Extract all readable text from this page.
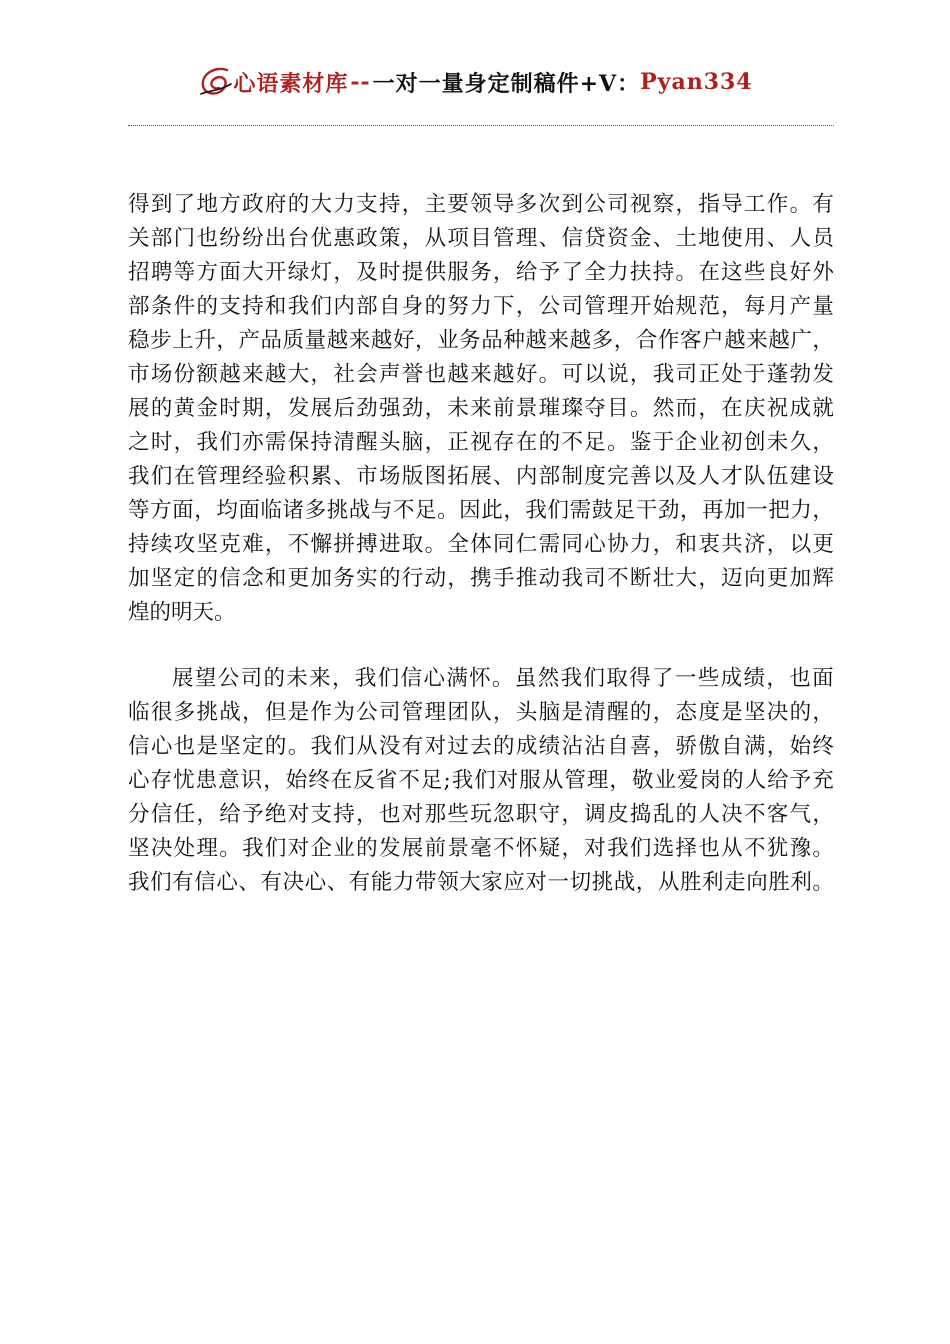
心语素材库 -- 一对一量身定制稿件+V： Pyan334
得 到 了 地 方 政 府 的 大 力 支 持 ， 主 要 领 导 多 次 到 公 司 视 察 ， 指 导 工 作 。 有
关 部 门 也 纷 纷 出 台 优 惠 政 策 ， 从 项 目 管 理 、 信 贷 资 金 、 土 地 使 用 、 人 员
招 聘 等 方 面 大 开 绿 灯 ， 及 时 提 供 服 务 ， 给 予 了 全 力 扶 持 。 在 这 些 良 好 外
部 条 件 的 支 持 和 我 们 内 部 自 身 的 努 力 下 ， 公 司 管 理 开 始 规 范 ， 每 月 产 量
稳 步 上 升 ， 产 品 质 量 越 来 越 好 ， 业 务 品 种 越 来 越 多 ， 合 作 客 户 越 来 越 广 ，
市 场 份 额 越 来 越 大 ， 社 会 声 誉 也 越 来 越 好 。 可 以 说 ， 我 司 正 处 于 蓬 勃 发
展 的 黄 金 时 期 ， 发 展 后 劲 强 劲 ， 未 来 前 景 璀 璨 夺 目 。 然 而 ， 在 庆 祝 成 就
之 时 ， 我 们 亦 需 保 持 清 醒 头 脑 ， 正 视 存 在 的 不 足 。 鉴 于 企 业 初 创 未 久 ，
我 们 在 管 理 经 验 积 累 、 市 场 版 图 拓 展 、 内 部 制 度 完 善 以 及 人 才 队 伍 建 设
等 方 面 ， 均 面 临 诸 多 挑 战 与 不 足 。 因 此 ， 我 们 需 鼓 足 干 劲 ， 再 加 一 把 力 ，
持 续 攻 坚 克 难 ， 不 懈 拼 搏 进 取 。 全 体 同 仁 需 同 心 协 力 ， 和 衷 共 济 ， 以 更
加 坚 定 的 信 念 和 更 加 务 实 的 行 动 ， 携 手 推 动 我 司 不 断 壮 大 ， 迈 向 更 加 辉
煌的明天。
展 望 公 司 的 未 来 ， 我 们 信 心 满 怀 。 虽 然 我 们 取 得 了 一 些 成 绩 ， 也 面
临 很 多 挑 战 ， 但 是 作 为 公 司 管 理 团 队 ， 头 脑 是 清 醒 的 ， 态 度 是 坚 决 的 ，
信 心 也 是 坚 定 的 。 我 们 从 没 有 对 过 去 的 成 绩 沾 沾 自 喜 ， 骄 傲 自 满 ， 始 终
心 存 忧 患 意 识 ， 始 终 在 反 省 不 足 ; 我 们 对 服 从 管 理 ， 敬 业 爱 岗 的 人 给 予 充
分 信 任 ， 给 予 绝 对 支 持 ， 也 对 那 些 玩 忽 职 守 ， 调 皮 捣 乱 的 人 决 不 客 气 ，
坚 决 处 理 。 我 们 对 企 业 的 发 展 前 景 毫 不 怀 疑 ， 对 我 们 选 择 也 从 不 犹 豫 。
我 们 有 信 心 、 有 决 心 、 有 能 力 带 领 大 家 应 对 一 切 挑 战 ， 从 胜 利 走 向 胜 利 。
